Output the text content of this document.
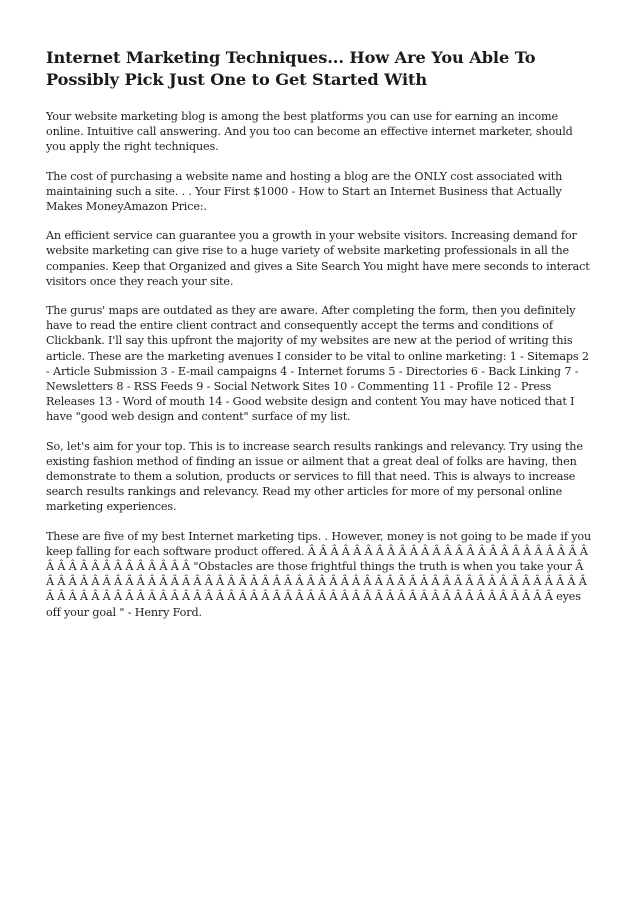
Internet Marketing Techniques... How Are You Able To Possibly Pick Just One to Get Started With

Your website marketing blog is among the best platforms you can use for earning an income online. Intuitive call answering. And you too can become an effective internet marketer, should you apply the right techniques.

The cost of purchasing a website name and hosting a blog are the ONLY cost associated with maintaining such a site. . . Your First $1000 - How to Start an Internet Business that Actually Makes MoneyAmazon Price:.

An efficient service can guarantee you a growth in your website visitors. Increasing demand for website marketing can give rise to a huge variety of website marketing professionals in all the companies. Keep that Organized and gives a Site Search You might have mere seconds to interact visitors once they reach your site.

The gurus' maps are outdated as they are aware. After completing the form, then you definitely have to read the entire client contract and consequently accept the terms and conditions of Clickbank. I'll say this upfront the majority of my websites are new at the period of writing this article. These are the marketing avenues I consider to be vital to online marketing: 1 - Sitemaps 2 - Article Submission 3 - E-mail campaigns 4 - Internet forums 5 - Directories 6 - Back Linking 7 - Newsletters 8 - RSS Feeds 9 - Social Network Sites 10 - Commenting 11 - Profile 12 - Press Releases 13 - Word of mouth 14 - Good website design and content You may have noticed that I have "good web design and content" surface of my list.

So, let's aim for your top. This is to increase search results rankings and relevancy. Try using the existing fashion method of finding an issue or ailment that a great deal of folks are having, then demonstrate to them a solution, products or services to fill that need. This is always to increase search results rankings and relevancy. Read my other articles for more of my personal online marketing experiences.

These are five of my best Internet marketing tips. . However, money is not going to be made if you keep falling for each software product offered. Â Â Â Â Â Â Â Â Â Â Â Â Â Â Â Â Â Â Â Â Â Â Â Â Â Â Â Â Â Â Â Â Â Â Â Â Â Â "Obstacles are those frightful things the truth is when you take your Â Â Â Â Â Â Â Â Â Â Â Â Â Â Â Â Â Â Â Â Â Â Â Â Â Â Â Â Â Â Â Â Â Â Â Â Â Â Â Â Â Â Â Â Â Â Â Â Â Â Â Â Â Â Â Â Â Â Â Â Â Â Â Â Â Â Â Â Â Â Â Â Â Â Â Â Â Â Â Â Â Â Â Â Â Â Â Â Â Â Â Â Â Â eyes off your goal " - Henry Ford.
